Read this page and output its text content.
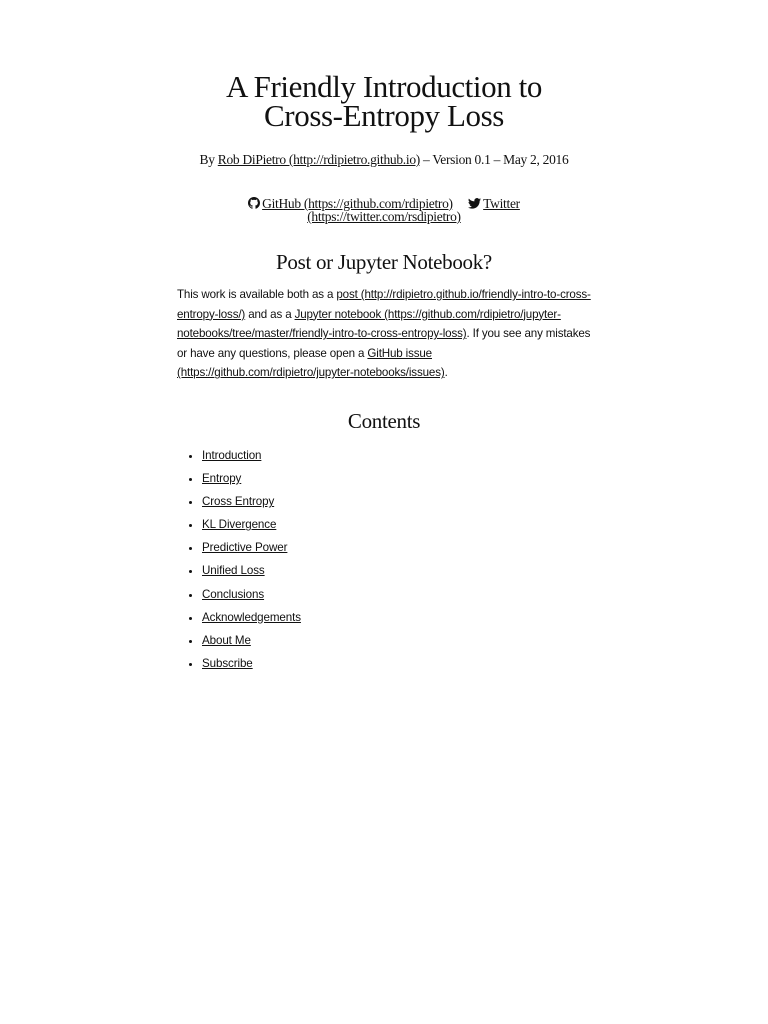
A Friendly Introduction to
Cross-Entropy Loss
By Rob DiPietro (http://rdipietro.github.io) – Version 0.1 – May 2, 2016
GitHub (https://github.com/rdipietro) Twitter
(https://twitter.com/rsdipietro)
Post or Jupyter Notebook?
This work is available both as a post (http://rdipietro.github.io/friendly-intro-to-cross-entropy-loss/) and as a Jupyter notebook (https://github.com/rdipietro/jupyter-notebooks/tree/master/friendly-intro-to-cross-entropy-loss). If you see any mistakes or have any questions, please open a GitHub issue (https://github.com/rdipietro/jupyter-notebooks/issues).
Contents
• Introduction
• Entropy
• Cross Entropy
• KL Divergence
• Predictive Power
• Unified Loss
• Conclusions
• Acknowledgements
• About Me
• Subscribe
